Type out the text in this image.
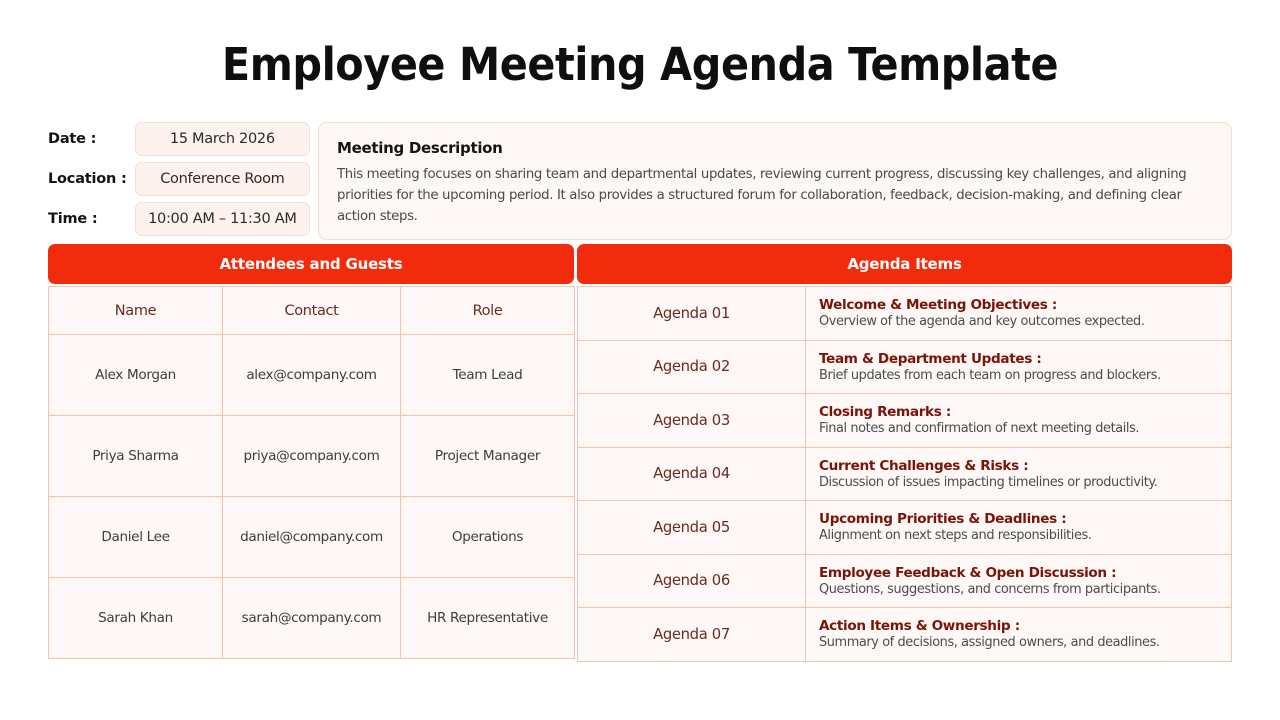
Employee Meeting Agenda Template
Date :	15 March 2026
Location :	Conference Room
Time :	10:00 AM – 11:30 AM
Meeting Description
This meeting focuses on sharing team and departmental updates, reviewing current progress, discussing key challenges, and aligning priorities for the upcoming period. It also provides a structured forum for collaboration, feedback, decision-making, and defining clear action steps.
Attendees and Guests
Name	Contact	Role
Alex Morgan	alex@company.com	Team Lead
Priya Sharma	priya@company.com	Project Manager
Daniel Lee	daniel@company.com	Operations
Sarah Khan	sarah@company.com	HR Representative
Agenda Items
Agenda 01	Welcome & Meeting Objectives :
Overview of the agenda and key outcomes expected.

Agenda 02	Team & Department Updates :
Brief updates from each team on progress and blockers.

Agenda 03	Closing Remarks :
Final notes and confirmation of next meeting details.

Agenda 04	Current Challenges & Risks :
Discussion of issues impacting timelines or productivity.

Agenda 05	Upcoming Priorities & Deadlines :
Alignment on next steps and responsibilities.

Agenda 06	Employee Feedback & Open Discussion :
Questions, suggestions, and concerns from participants.

Agenda 07	Action Items & Ownership :
Summary of decisions, assigned owners, and deadlines.
